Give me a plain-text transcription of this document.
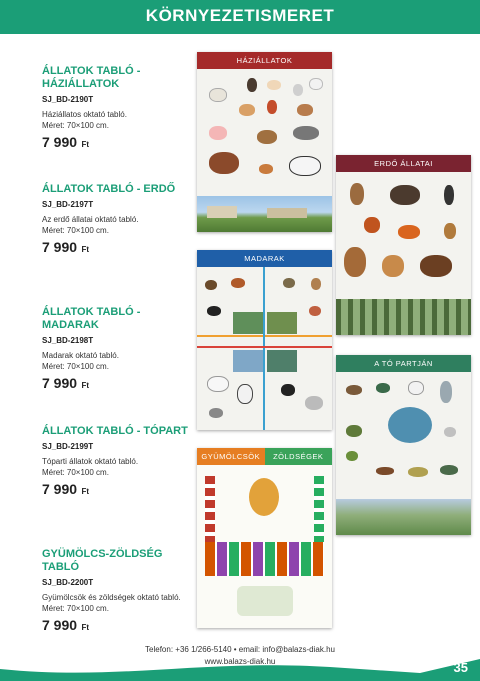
KÖRNYEZETISMERET
ÁLLATOK TABLÓ - HÁZIÁLLATOK
SJ_BD-2190T
Háziállatos oktató tabló.
Méret: 70×100 cm.
7 990 Ft
ÁLLATOK TABLÓ - ERDŐ
SJ_BD-2197T
Az erdő állatai oktató tabló.
Méret: 70×100 cm.
7 990 Ft
ÁLLATOK TABLÓ - MADARAK
SJ_BD-2198T
Madarak oktató tabló.
Méret: 70×100 cm.
7 990 Ft
ÁLLATOK TABLÓ - TÓPART
SJ_BD-2199T
Tóparti állatok oktató tabló.
Méret: 70×100 cm.
7 990 Ft
GYÜMÖLCS-ZÖLDSÉG TABLÓ
SJ_BD-2200T
Gyümölcsök és zöldségek oktató tabló.
Méret: 70×100 cm.
7 990 Ft
HÁZIÁLLATOK
ERDŐ ÁLLATAI
MADARAK
A TÓ PARTJÁN
GYÜMÖLCSÖK	ZÖLDSÉGEK
Telefon: +36 1/266-5140 • email: info@balazs-diak.hu
www.balazs-diak.hu	35
